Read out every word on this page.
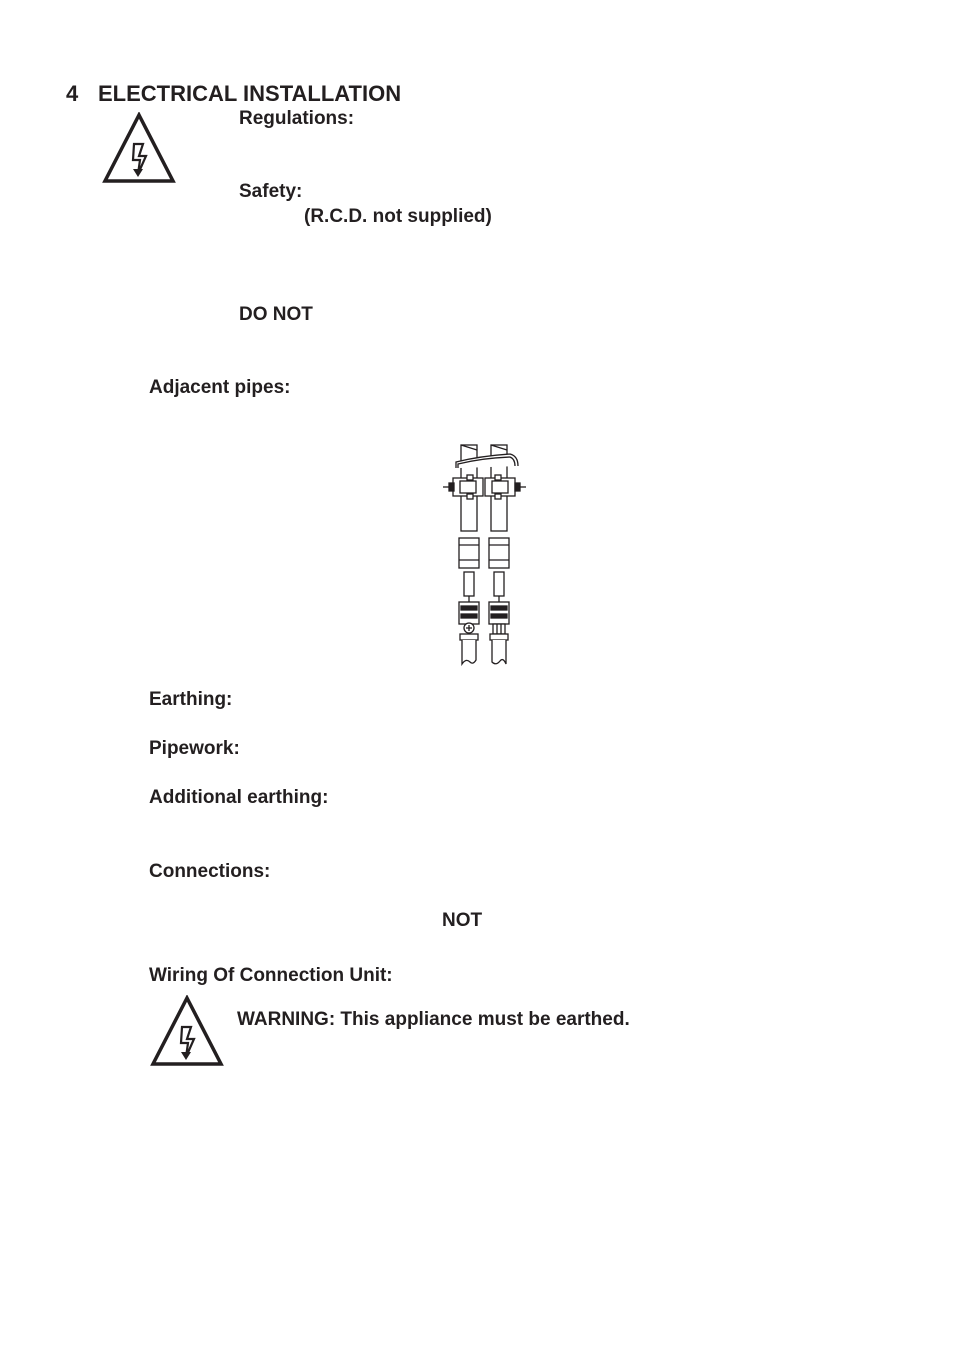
4 ELECTRICAL INSTALLATION
Regulations:
Safety:
(R.C.D. not supplied)
DO NOT
Adjacent pipes:
Earthing:
Pipework:
Additional earthing:
Connections:
NOT
Wiring Of Connection Unit:
WARNING: This appliance must be earthed.
